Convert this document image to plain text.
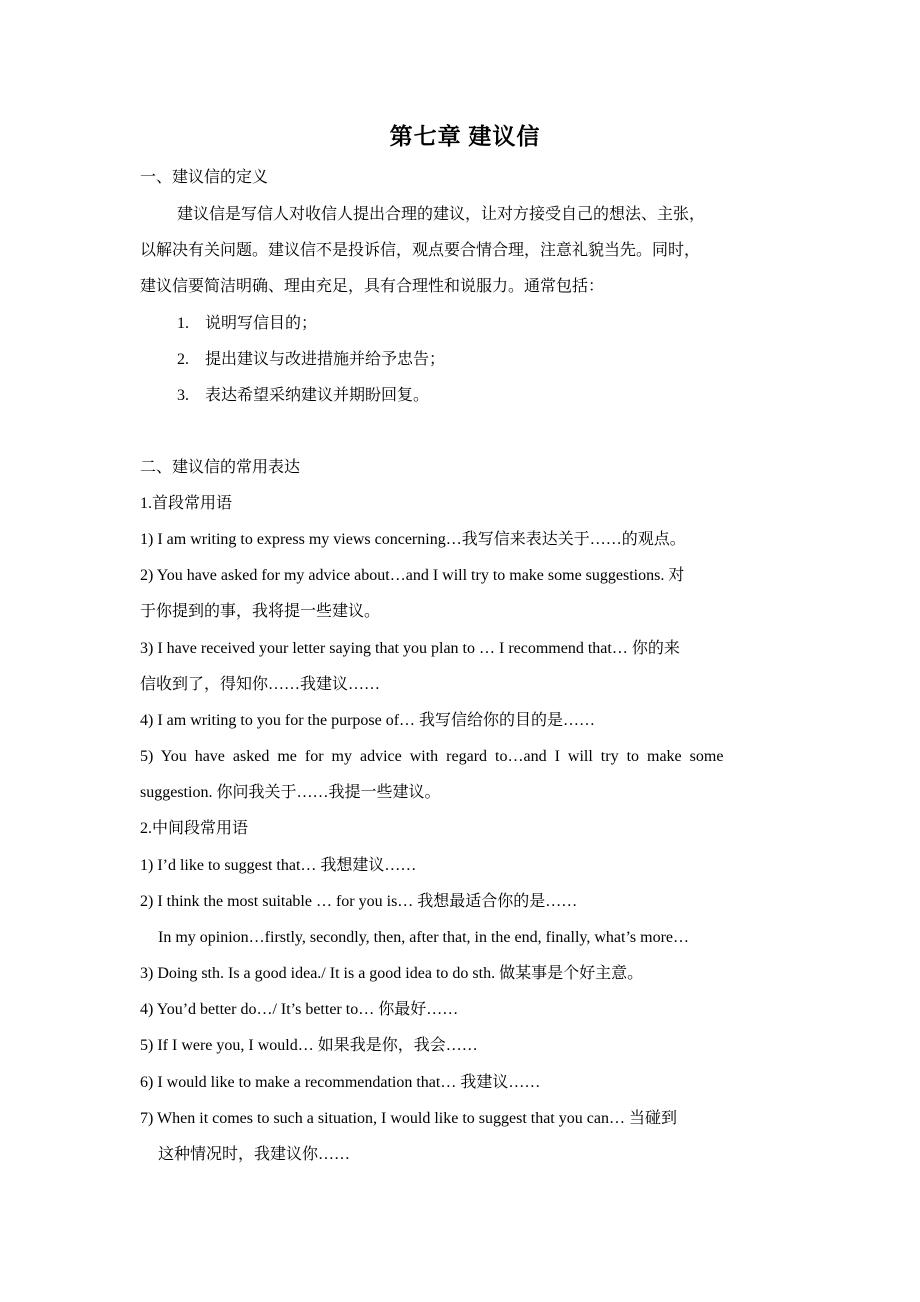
第七章 建议信
一、建议信的定义
建议信是写信人对收信人提出合理的建议，让对方接受自己的想法、主张，
以解决有关问题。建议信不是投诉信，观点要合情合理，注意礼貌当先。同时，
建议信要简洁明确、理由充足，具有合理性和说服力。通常包括：
1. 说明写信目的；
2. 提出建议与改进措施并给予忠告；
3. 表达希望采纳建议并期盼回复。
二、建议信的常用表达
1.首段常用语
1) I am writing to express my views concerning…我写信来表达关于……的观点。
2) You have asked for my advice about…and I will try to make some suggestions. 对
于你提到的事，我将提一些建议。
3) I have received your letter saying that you plan to … I recommend that… 你的来
信收到了，得知你……我建议……
4) I am writing to you for the purpose of… 我写信给你的目的是……
5) You have asked me for my advice with regard to…and I will try to make some
suggestion. 你问我关于……我提一些建议。
2.中间段常用语
1) I’d like to suggest that… 我想建议……
2) I think the most suitable … for you is… 我想最适合你的是……
In my opinion…firstly, secondly, then, after that, in the end, finally, what’s more…
3) Doing sth. Is a good idea./ It is a good idea to do sth. 做某事是个好主意。
4) You’d better do…/ It’s better to… 你最好……
5) If I were you, I would… 如果我是你，我会……
6) I would like to make a recommendation that… 我建议……
7) When it comes to such a situation, I would like to suggest that you can… 当碰到
这种情况时，我建议你……
